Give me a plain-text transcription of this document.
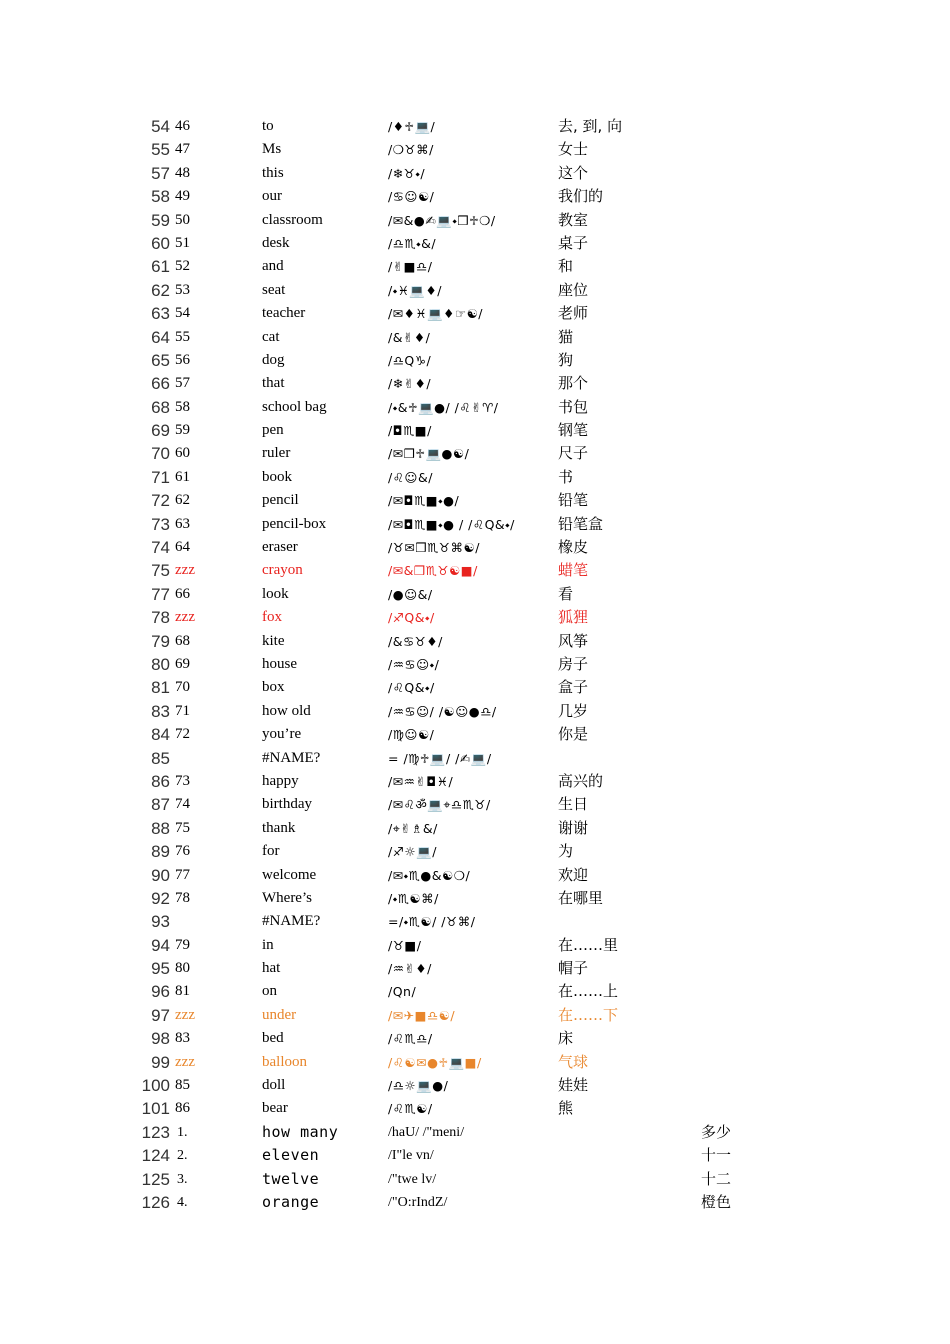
54 46	to	/♦♱💻/	去, 到, 向
55 47	Ms	/❍♉⌘/	女士
57 48	this	/❄♉⬩/	这个
58 49	our	/♋☺☯/	我们的
59 50	classroom	/✉&●✍💻⬩❒♱❍/	教室
60 51	desk	/♎♏⬩&/	桌子
61 52	and	/✌■♎/	和
62 53	seat	/⬩♓💻♦/	座位
63 54	teacher	/✉♦♓💻♦☞☯/	老师
64 55	cat	/&✌♦/	猫
65 56	dog	/♎Q♑/	狗
66 57	that	/❄✌♦/	那个
68 58	school bag	/⬩&♱💻●/ /♌✌♈/	书包
69 59	pen	/◘♏■/	钢笔
70 60	ruler	/✉❒♱💻●☯/	尺子
71 61	book	/♌☺&/	书
72 62	pencil	/✉◘♏■⬩●/	铅笔
73 63	pencil-box	/✉◘♏■⬩● / /♌Q&⬩/	铅笔盒
74 64	eraser	/♉✉❒♏♉⌘☯/	橡皮
75 zzz	crayon	/✉&❒♏♉☯■/	蜡笔
77 66	look	/●☺&/	看
78 zzz	fox	/♐Q&⬩/	狐狸
79 68	kite	/&♋♉♦/	风筝
80 69	house	/♒♋☺⬩/	房子
81 70	box	/♌Q&⬩/	盒子
83 71	how old	/♒♋☺/ /☯☺●♎/	几岁
84 72	you’re	/♍☺☯/	你是
85	#NAME?	= /♍♱💻/ /✍💻/
86 73	happy	/✉♒✌◘♓/	高兴的
87 74	birthday	/✉♌ॐ💻⌖♎♏♉/	生日
88 75	thank	/⌖✌♗&/	谢谢
89 76	for	/♐☼💻/	为
90 77	welcome	/✉⬩♏●&☯❍/	欢迎
92 78	Where’s	/⬩♏☯⌘/	在哪里
93	#NAME?	=/⬩♏☯/ /♉⌘/
94 79	in	/♉■/	在……里
95 80	hat	/♒✌♦/	帽子
96 81	on	/Qn/	在……上
97 zzz	under	/✉✈■♎☯/	在……下
98 83	bed	/♌♏♎/	床
99 zzz	balloon	/♌☯✉●♱💻■/	气球
100 85	doll	/♎☼💻●/	娃娃
101 86	bear	/♌♏☯/	熊
123 1.	how many	/haU/ /"meni/	多少
124 2.	eleven	/I"le vn/	十一
125 3.	twelve	/"twe lv/	十二
126 4.	orange	/"O:rIndZ/	橙色
